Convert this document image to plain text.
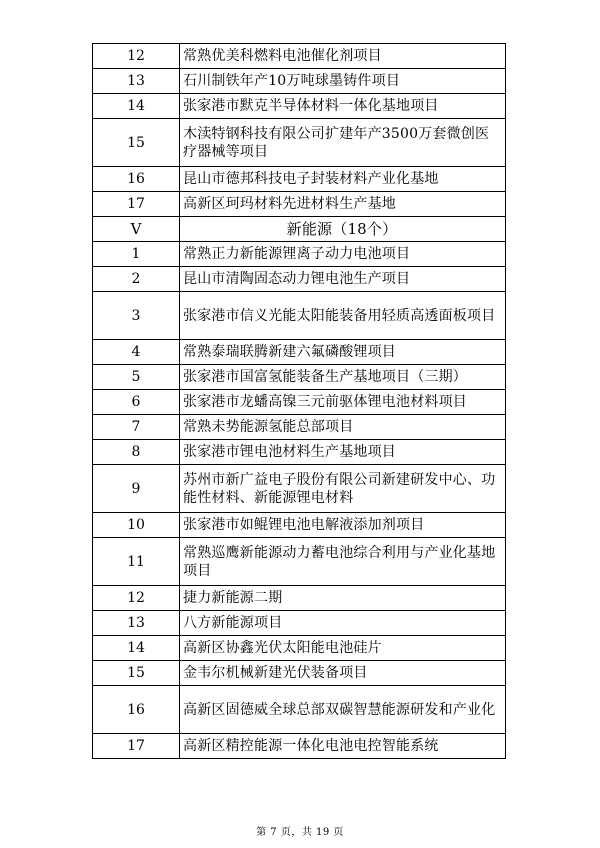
12	常熟优美科燃料电池催化剂项目
13	石川制铁年产10万吨球墨铸件项目
14	张家港市默克半导体材料一体化基地项目
15	木渎特钢科技有限公司扩建年产3500万套微创医疗器械等项目
16	昆山市德邦科技电子封装材料产业化基地
17	高新区珂玛材料先进材料生产基地
V	新能源（18个）
1	常熟正力新能源锂离子动力电池项目
2	昆山市清陶固态动力锂电池生产项目
3	张家港市信义光能太阳能装备用轻质高透面板项目
4	常熟泰瑞联腾新建六氟磷酸锂项目
5	张家港市国富氢能装备生产基地项目（三期）
6	张家港市龙蟠高镍三元前驱体锂电池材料项目
7	常熟未势能源氢能总部项目
8	张家港市锂电池材料生产基地项目
9	苏州市新广益电子股份有限公司新建研发中心、功能性材料、新能源锂电材料
10	张家港市如鲲锂电池电解液添加剂项目
11	常熟巡鹰新能源动力蓄电池综合利用与产业化基地项目
12	捷力新能源二期
13	八方新能源项目
14	高新区协鑫光伏太阳能电池硅片
15	金韦尔机械新建光伏装备项目
16	高新区固德威全球总部双碳智慧能源研发和产业化
17	高新区精控能源一体化电池电控智能系统
第 7 页，共 19 页
